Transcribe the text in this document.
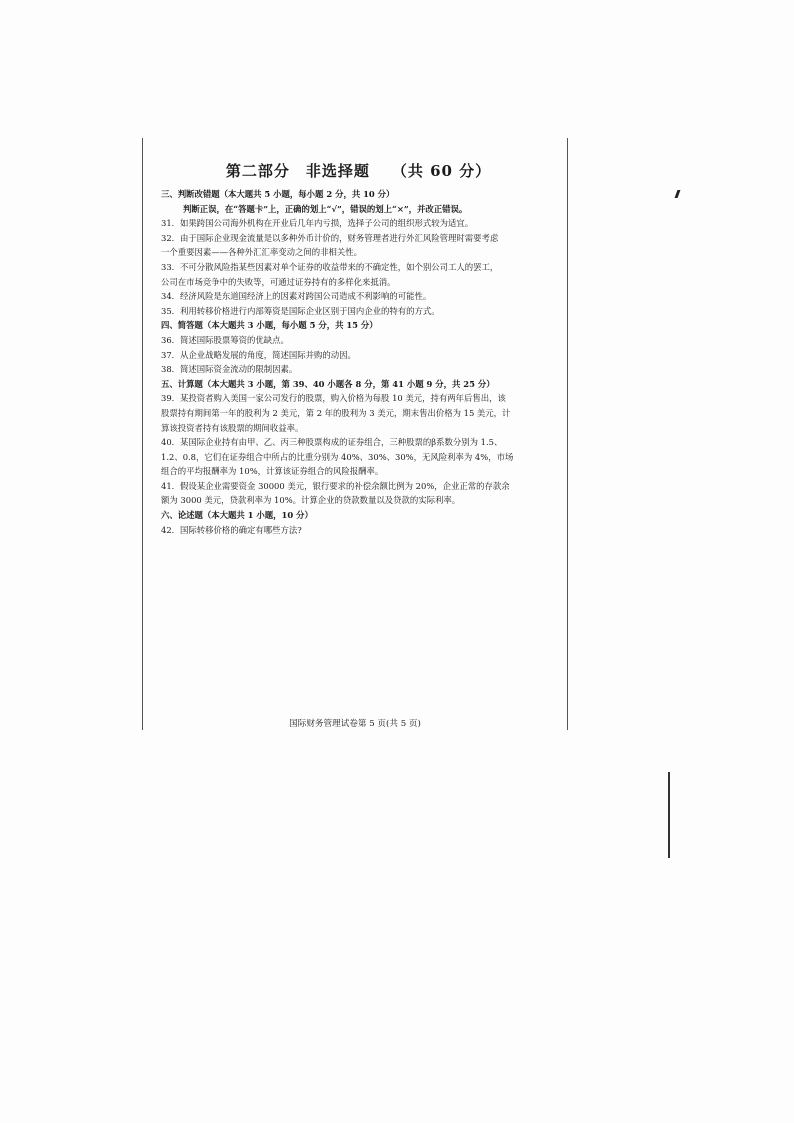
第二部分　非选择题 （共 60 分）
三、判断改错题（本大题共 5 小题，每小题 2 分，共 10 分）
判断正误，在“答题卡”上，正确的划上“√”，错误的划上“×”，并改正错误。
31．如果跨国公司海外机构在开业后几年内亏损，选择子公司的组织形式较为适宜。
32．由于国际企业现金流量是以多种外币计价的，财务管理者进行外汇风险管理时需要考虑
一个重要因素——各种外汇汇率变动之间的非相关性。
33．不可分散风险指某些因素对单个证券的收益带来的不确定性，如个别公司工人的罢工，
公司在市场竞争中的失败等，可通过证券持有的多样化来抵消。
34．经济风险是东道国经济上的因素对跨国公司造成不利影响的可能性。
35．利用转移价格进行内部筹资是国际企业区别于国内企业的特有的方式。
四、简答题（本大题共 3 小题，每小题 5 分，共 15 分）
36．简述国际股票筹资的优缺点。
37．从企业战略发展的角度，简述国际并购的动因。
38．简述国际资金流动的限制因素。
五、计算题（本大题共 3 小题，第 39、40 小题各 8 分，第 41 小题 9 分，共 25 分）
39．某投资者购入美国一家公司发行的股票，购入价格为每股 10 美元，持有两年后售出，该
股票持有期间第一年的股利为 2 美元，第 2 年的股利为 3 美元，期末售出价格为 15 美元，计
算该投资者持有该股票的期间收益率。
40．某国际企业持有由甲、乙、丙三种股票构成的证券组合，三种股票的β系数分别为 1.5、
1.2、0.8，它们在证券组合中所占的比重分别为 40%、30%、30%，无风险利率为 4%，市场
组合的平均报酬率为 10%，计算该证券组合的风险报酬率。
41．假设某企业需要资金 30000 美元，银行要求的补偿余额比例为 20%，企业正常的存款余
额为 3000 美元，贷款利率为 10%。计算企业的贷款数量以及贷款的实际利率。
六、论述题（本大题共 1 小题，10 分）
42．国际转移价格的确定有哪些方法?
国际财务管理试卷第 5 页(共 5 页)
